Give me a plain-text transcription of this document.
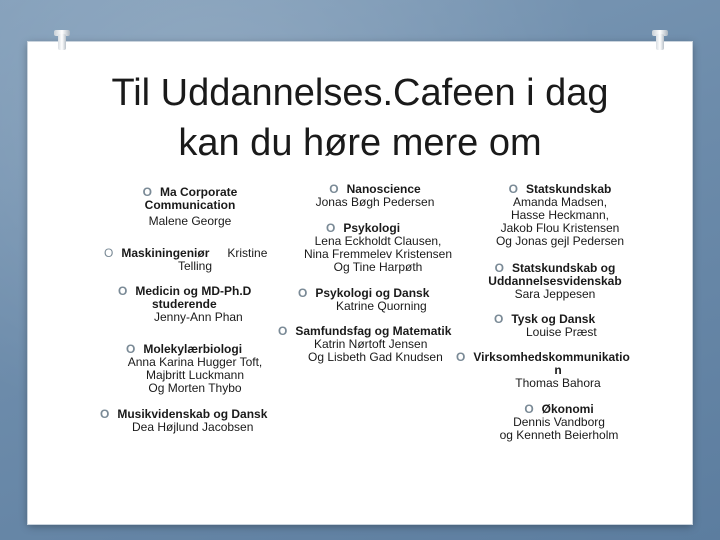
Til Uddannelses.Cafeen i dag
kan du høre mere om
O Ma Corporate
Communication
Malene George
O Maskiningeniør Kristine
Telling
O Medicin og MD-Ph.D
studerende
Jenny-Ann Phan
O Molekylærbiologi
Anna Karina Hugger Toft,
Majbritt Luckmann
Og Morten Thybo
O Musikvidenskab og Dansk
Dea Højlund Jacobsen
O Nanoscience
Jonas Bøgh Pedersen
O Psykologi
Lena Eckholdt Clausen,
Nina Fremmelev Kristensen
Og Tine Harpøth
O Psykologi og Dansk
Katrine Quorning
O Samfundsfag og Matematik
Katrin Nørtoft Jensen
Og Lisbeth Gad Knudsen
O Statskundskab
Amanda Madsen,
Hasse Heckmann,
Jakob Flou Kristensen
Og Jonas gejl Pedersen
O Statskundskab og
Uddannelsesvidenskab
Sara Jeppesen
O Tysk og Dansk
Louise Præst
O Virksomhedskommunikatio
n
Thomas Bahora
O Økonomi
Dennis Vandborg
og Kenneth Beierholm
